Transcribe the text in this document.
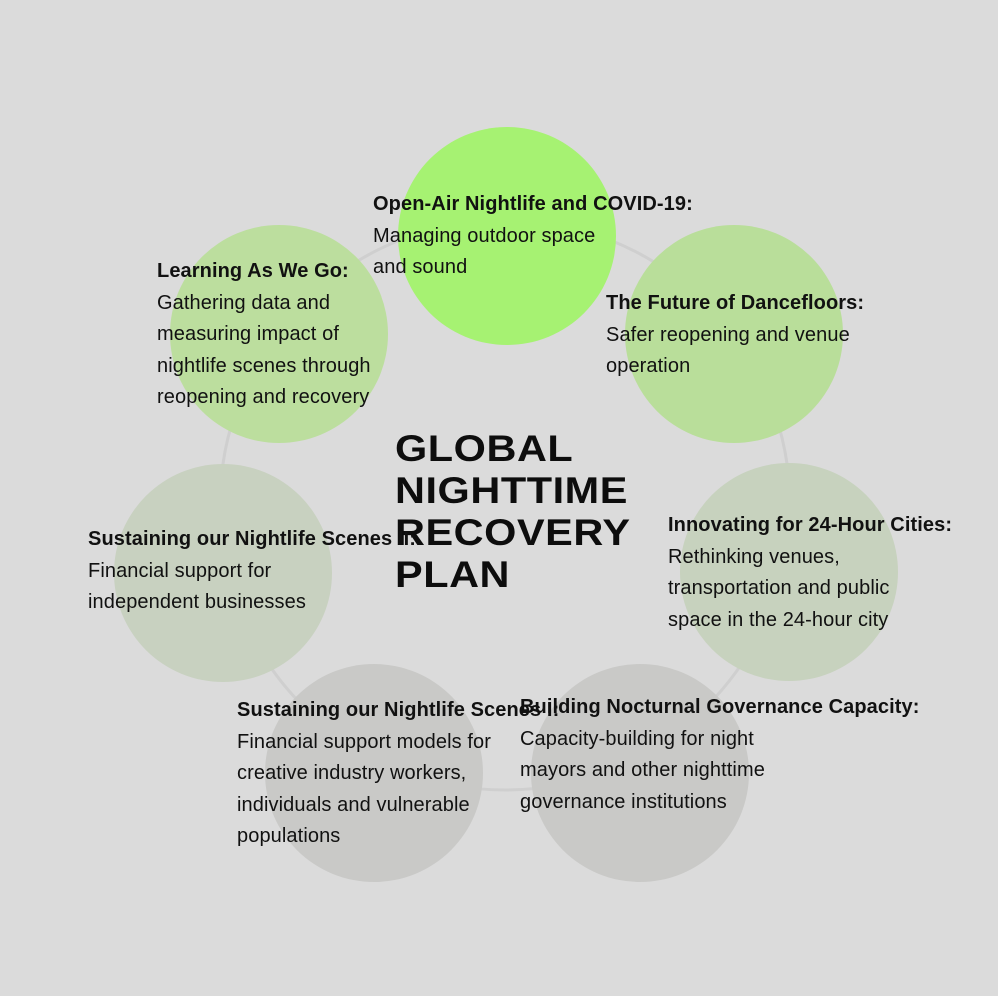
GLOBAL
NIGHTTIME
RECOVERY
PLAN
Open-Air Nightlife and COVID-19:
Managing outdoor space and sound
The Future of Dancefloors:
Safer reopening and venue operation
Innovating for 24-Hour Cities:
Rethinking venues, transportation and public space in the 24-hour city
Building Nocturnal Governance Capacity:
Capacity-building for night mayors and other nighttime governance institutions
Sustaining our Nightlife Scenes I:
Financial support models for creative industry workers, individuals and vulnerable populations
Sustaining our Nightlife Scenes II:
Financial support for independent businesses
Learning As We Go:
Gathering data and measuring impact of nightlife scenes through reopening and recovery
